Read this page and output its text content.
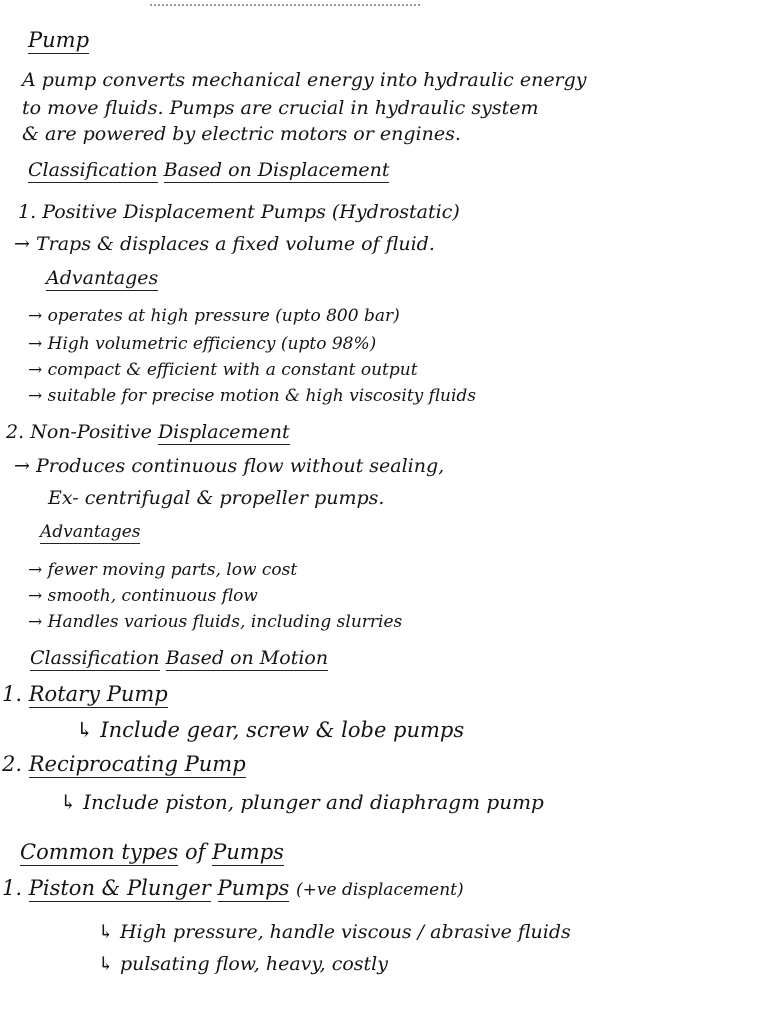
Pump
A pump converts mechanical energy into hydraulic energy
to move fluids. Pumps are crucial in hydraulic system
& are powered by electric motors or engines.
Classification Based on Displacement
1. Positive Displacement Pumps (Hydrostatic)
→ Traps & displaces a fixed volume of fluid.
Advantages
→ operates at high pressure (upto 800 bar)
→ High volumetric efficiency (upto 98%)
→ compact & efficient with a constant output
→ suitable for precise motion & high viscosity fluids
2. Non-Positive Displacement
→ Produces continuous flow without sealing,
Ex- centrifugal & propeller pumps.
Advantages
→ fewer moving parts, low cost
→ smooth, continuous flow
→ Handles various fluids, including slurries
Classification Based on Motion
1. Rotary Pump
↳ Include gear, screw & lobe pumps
2. Reciprocating Pump
↳ Include piston, plunger and diaphragm pump
Common types of Pumps
1. Piston & Plunger Pumps (+ve displacement)
↳ High pressure, handle viscous / abrasive fluids
↳ pulsating flow, heavy, costly
